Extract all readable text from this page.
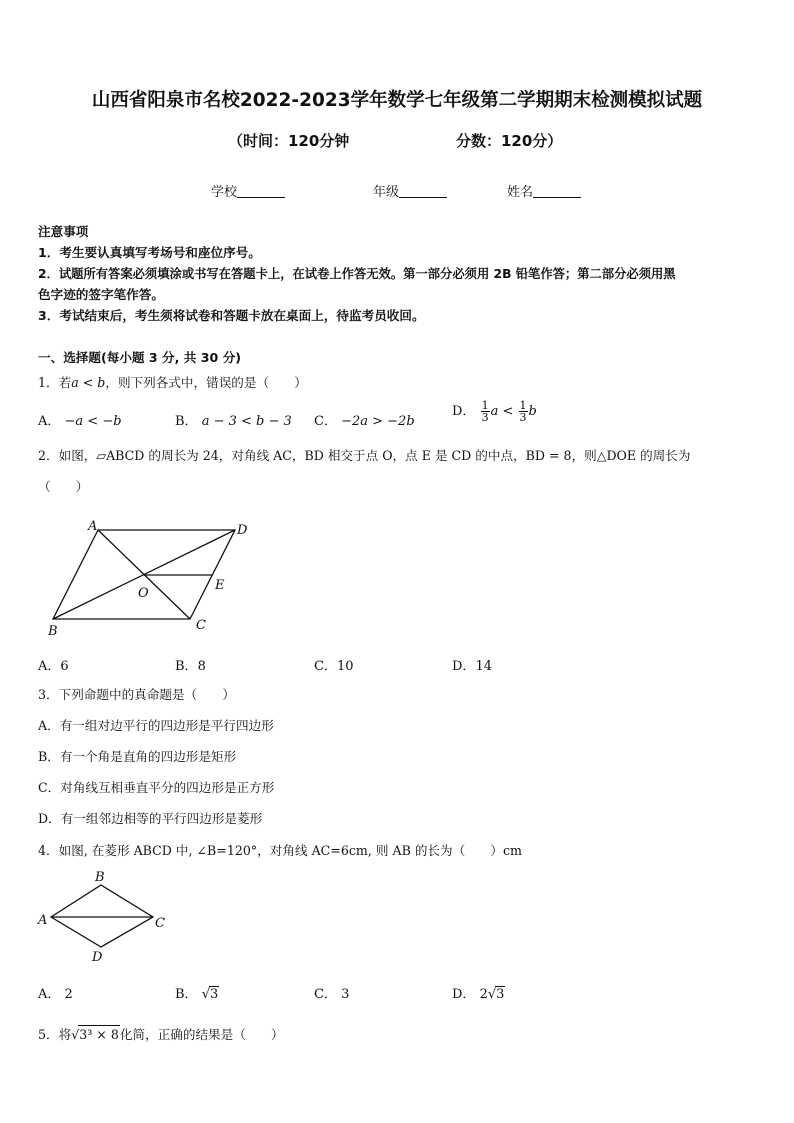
山西省阳泉市名校2022-2023学年数学七年级第二学期期末检测模拟试题
（时间：120分钟	分数：120分）
学校	年级	姓名
注意事项
1．考生要认真填写考场号和座位序号。
2．试题所有答案必须填涂或书写在答题卡上，在试卷上作答无效。第一部分必须用 2B 铅笔作答；第二部分必须用黑
色字迹的签字笔作答。
3．考试结束后，考生须将试卷和答题卡放在桌面上，待监考员收回。
一、选择题(每小题 3 分, 共 30 分)
1．若a < b，则下列各式中，错误的是（　　）
A． −a < −b	B． a − 3 < b − 3 C． −2a > −2b
D． $\frac{1}{3}$ $a < \frac{1}{3}$ b
2．如图，▱ABCD 的周长为 24，对角线 AC，BD 相交于点 O，点 E 是 CD 的中点，BD = 8，则△DOE 的周长为
（　　）
A	D
E
O
B	C
A．6	B．8	C．10	D．14
3．下列命题中的真命题是（　　）
A．有一组对边平行的四边形是平行四边形
B．有一个角是直角的四边形是矩形
C．对角线互相垂直平分的四边形是正方形
D．有一组邻边相等的平行四边形是菱形
4．如图, 在菱形 ABCD 中, ∠B=120°，对角线 AC=6cm, 则 AB 的长为（　　）cm
B
A	C
D
A． 2	B． √3	C． 3	D． 2√3
5．将√3³ × 8化简，正确的结果是（　　）
